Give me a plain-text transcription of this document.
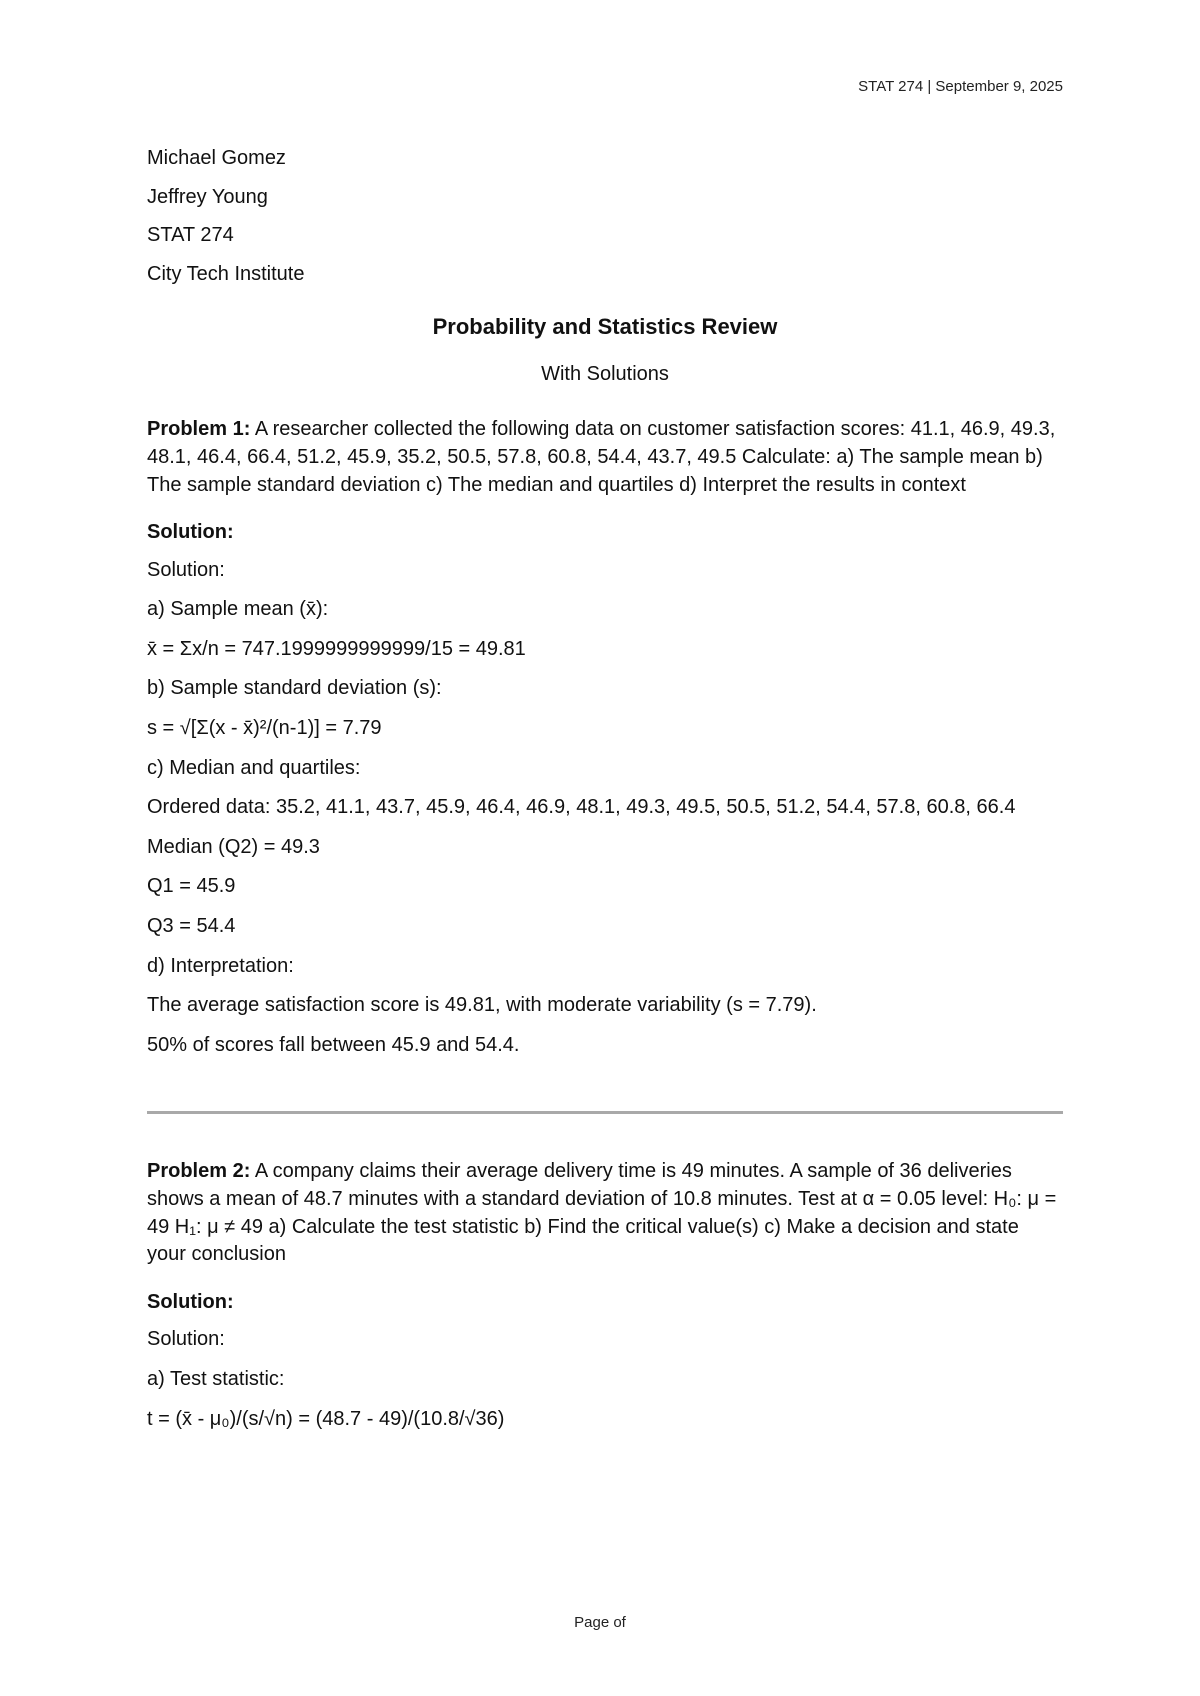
STAT 274 | September 9, 2025
Michael Gomez
Jeffrey Young
STAT 274
City Tech Institute
Probability and Statistics Review
With Solutions
Problem 1: A researcher collected the following data on customer satisfaction scores: 41.1, 46.9, 49.3, 48.1, 46.4, 66.4, 51.2, 45.9, 35.2, 50.5, 57.8, 60.8, 54.4, 43.7, 49.5 Calculate: a) The sample mean b) The sample standard deviation c) The median and quartiles d) Interpret the results in context
Solution:
Solution:
a) Sample mean (x̄):
x̄ = Σx/n = 747.1999999999999/15 = 49.81
b) Sample standard deviation (s):
s = √[Σ(x - x̄)²/(n-1)] = 7.79
c) Median and quartiles:
Ordered data: 35.2, 41.1, 43.7, 45.9, 46.4, 46.9, 48.1, 49.3, 49.5, 50.5, 51.2, 54.4, 57.8, 60.8, 66.4
Median (Q2) = 49.3
Q1 = 45.9
Q3 = 54.4
d) Interpretation:
The average satisfaction score is 49.81, with moderate variability (s = 7.79).
50% of scores fall between 45.9 and 54.4.
Problem 2: A company claims their average delivery time is 49 minutes. A sample of 36 deliveries shows a mean of 48.7 minutes with a standard deviation of 10.8 minutes. Test at α = 0.05 level: H₀: μ = 49 H₁: μ ≠ 49 a) Calculate the test statistic b) Find the critical value(s) c) Make a decision and state your conclusion
Solution:
Solution:
a) Test statistic:
t = (x̄ - μ₀)/(s/√n) = (48.7 - 49)/(10.8/√36)
Page of
